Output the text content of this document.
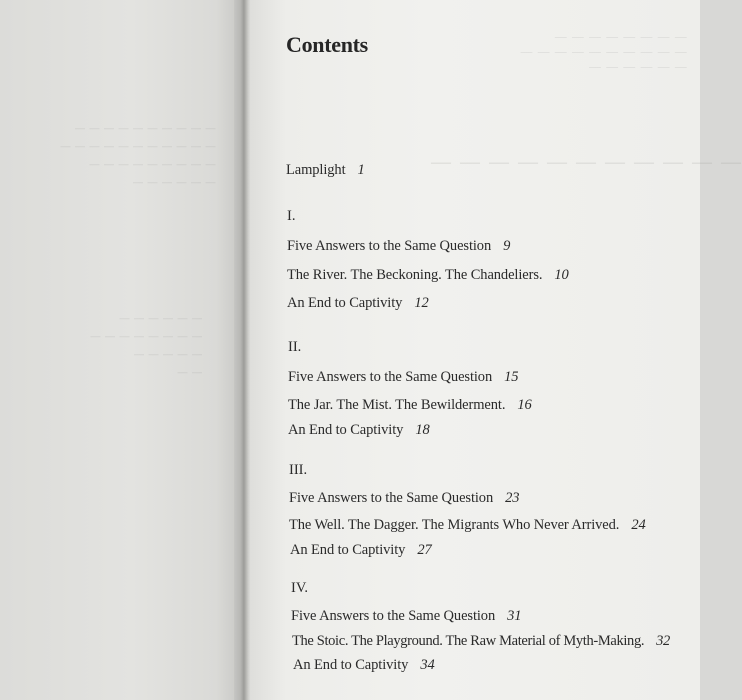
— — — — — — — — — —
— — — — — — — — — — —
— — — — — — — — —
— — — — — —
— — — — — —
— — — — — — — —
— — — — —
— —
— — — — — — — —
— — — — — — — — — —
— — — — — —
— — — — — — — — — — —
Contents
Lamplight 1
I.
Five Answers to the Same Question 9
The River. The Beckoning. The Chandeliers. 10
An End to Captivity 12
II.
Five Answers to the Same Question 15
The Jar. The Mist. The Bewilderment. 16
An End to Captivity 18
III.
Five Answers to the Same Question 23
The Well. The Dagger. The Migrants Who Never Arrived. 24
An End to Captivity 27
IV.
Five Answers to the Same Question 31
The Stoic. The Playground. The Raw Material of Myth-Making. 32
An End to Captivity 34
